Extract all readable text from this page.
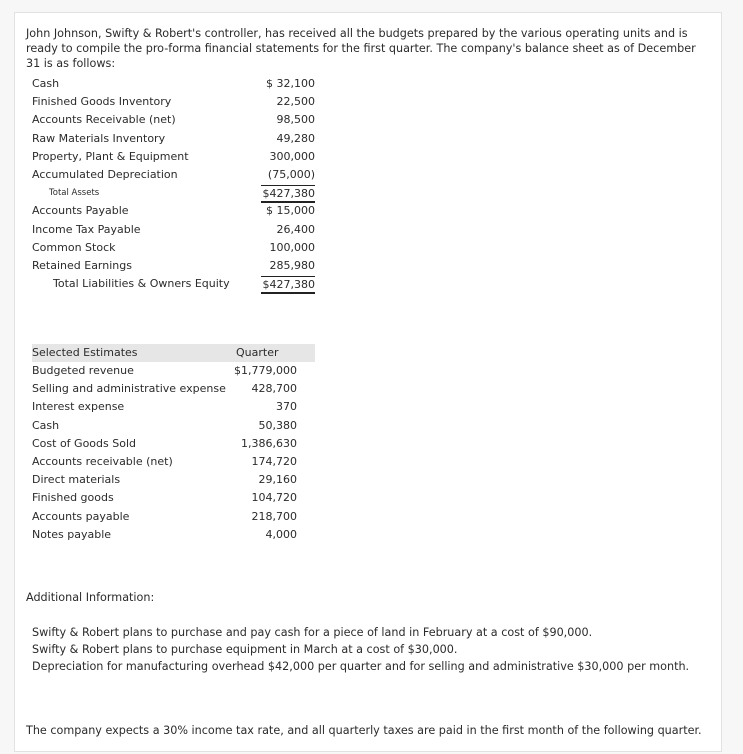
John Johnson, Swifty & Robert's controller, has received all the budgets prepared by the various operating units and is ready to compile the pro-forma financial statements for the first quarter. The company's balance sheet as of December 31 is as follows:
Cash	$ 32,100
Finished Goods Inventory	22,500
Accounts Receivable (net)	98,500
Raw Materials Inventory	49,280
Property, Plant & Equipment	300,000
Accumulated Depreciation	(75,000)
Total Assets	$427,380
Accounts Payable	$ 15,000
Income Tax Payable	26,400
Common Stock	100,000
Retained Earnings	285,980
Total Liabilities & Owners Equity	$427,380
Selected Estimates	Quarter
Budgeted revenue	$1,779,000
Selling and administrative expense 428,700
Interest expense	370
Cash	50,380
Cost of Goods Sold	1,386,630
Accounts receivable (net)	174,720
Direct materials	29,160
Finished goods	104,720
Accounts payable	218,700
Notes payable	4,000
Additional Information:
Swifty & Robert plans to purchase and pay cash for a piece of land in February at a cost of $90,000.
Swifty & Robert plans to purchase equipment in March at a cost of $30,000.
Depreciation for manufacturing overhead $42,000 per quarter and for selling and administrative $30,000 per month.
The company expects a 30% income tax rate, and all quarterly taxes are paid in the first month of the following quarter.
